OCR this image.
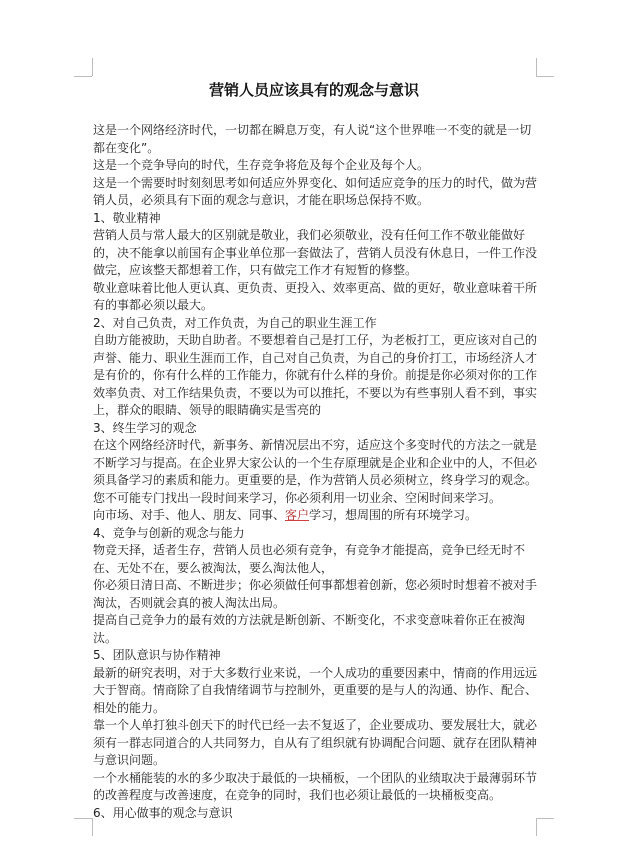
营销人员应该具有的观念与意识

这是一个网络经济时代，一切都在瞬息万变，有人说“这个世界唯一不变的就是一切都在变化”。

这是一个竞争导向的时代，生存竞争将危及每个企业及每个人。

这是一个需要时时刻刻思考如何适应外界变化、如何适应竞争的压力的时代，做为营销人员，必须具有下面的观念与意识，才能在职场总保持不败。

1、敬业精神

营销人员与常人最大的区别就是敬业，我们必须敬业，没有任何工作不敬业能做好的，决不能拿以前国有企事业单位那一套做法了，营销人员没有休息日，一件工作没做完，应该整天都想着工作，只有做完工作才有短暂的修整。

敬业意味着比他人更认真、更负责、更投入、效率更高、做的更好，敬业意味着干所有的事都必须以最大。

2、对自己负责，对工作负责，为自己的职业生涯工作

自助方能被助，天助自助者。不要想着自己是打工仔，为老板打工，更应该对自己的声誉、能力、职业生涯而工作，自己对自己负责，为自己的身价打工，市场经济人才是有价的，你有什么样的工作能力，你就有什么样的身价。前提是你必须对你的工作效率负责、对工作结果负责，不要以为可以推托，不要以为有些事别人看不到，事实上，群众的眼睛、领导的眼睛确实是雪亮的

3、终生学习的观念

在这个网络经济时代，新事务、新情况层出不穷，适应这个多变时代的方法之一就是不断学习与提高。在企业界大家公认的一个生存原理就是企业和企业中的人，不但必须具备学习的素质和能力。更重要的是，作为营销人员必须树立，终身学习的观念。

您不可能专门找出一段时间来学习，你必须利用一切业余、空闲时间来学习。

向市场、对手、他人、朋友、同事、客户学习，想周围的所有环境学习。

4、竞争与创新的观念与能力

物竞天择，适者生存，营销人员也必须有竞争，有竞争才能提高，竞争已经无时不在、无处不在，要么被淘汰，要么淘汰他人，

你必须日清日高、不断进步；你必须做任何事都想着创新，您必须时时想着不被对手淘汰，否则就会真的被人淘汰出局。

提高自己竞争力的最有效的方法就是断创新、不断变化，不求变意味着你正在被淘汰。

5、团队意识与协作精神

最新的研究表明，对于大多数行业来说，一个人成功的重要因素中，情商的作用远远大于智商。情商除了自我情绪调节与控制外，更重要的是与人的沟通、协作、配合、相处的能力。

靠一个人单打独斗创天下的时代已经一去不复返了，企业要成功、要发展壮大，就必须有一群志同道合的人共同努力，自从有了组织就有协调配合问题、就存在团队精神与意识问题。

一个水桶能装的水的多少取决于最低的一块桶板，一个团队的业绩取决于最薄弱环节的改善程度与改善速度，在竞争的同时，我们也必须让最低的一块桶板变高。

6、用心做事的观念与意识
